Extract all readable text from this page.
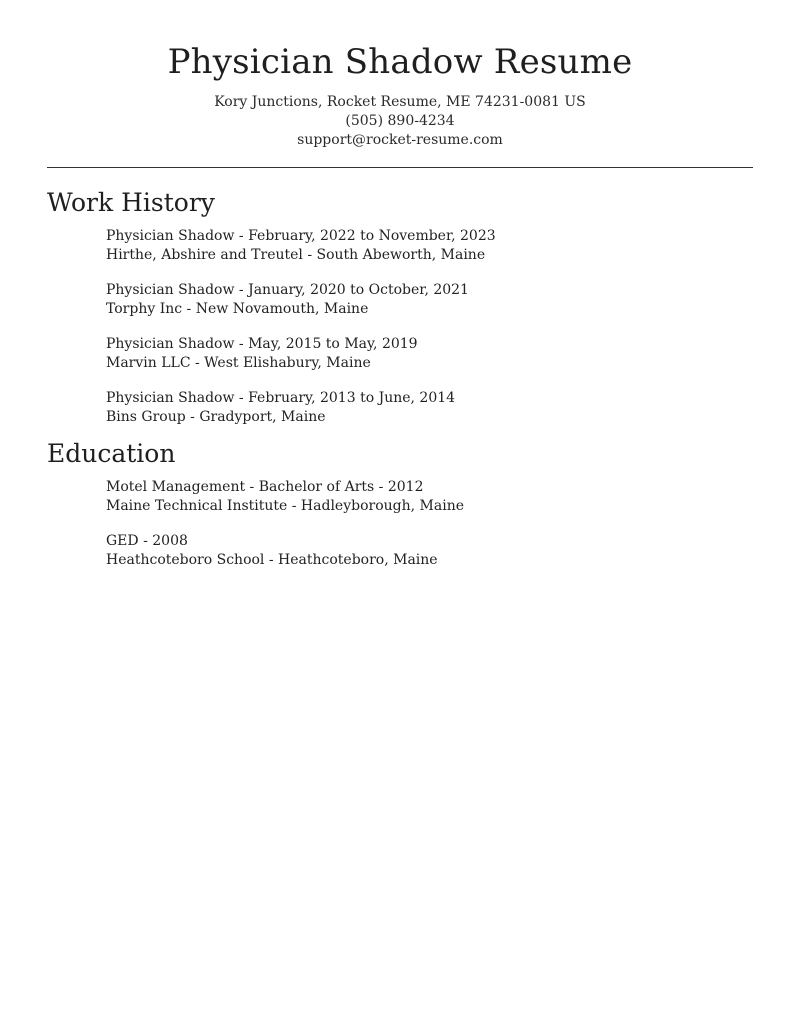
Physician Shadow Resume
Kory Junctions, Rocket Resume, ME 74231-0081 US
(505) 890-4234
support@rocket-resume.com
Work History
Physician Shadow - February, 2022 to November, 2023
Hirthe, Abshire and Treutel - South Abeworth, Maine
Physician Shadow - January, 2020 to October, 2021
Torphy Inc - New Novamouth, Maine
Physician Shadow - May, 2015 to May, 2019
Marvin LLC - West Elishabury, Maine
Physician Shadow - February, 2013 to June, 2014
Bins Group - Gradyport, Maine
Education
Motel Management - Bachelor of Arts - 2012
Maine Technical Institute - Hadleyborough, Maine
GED - 2008
Heathcoteboro School - Heathcoteboro, Maine
